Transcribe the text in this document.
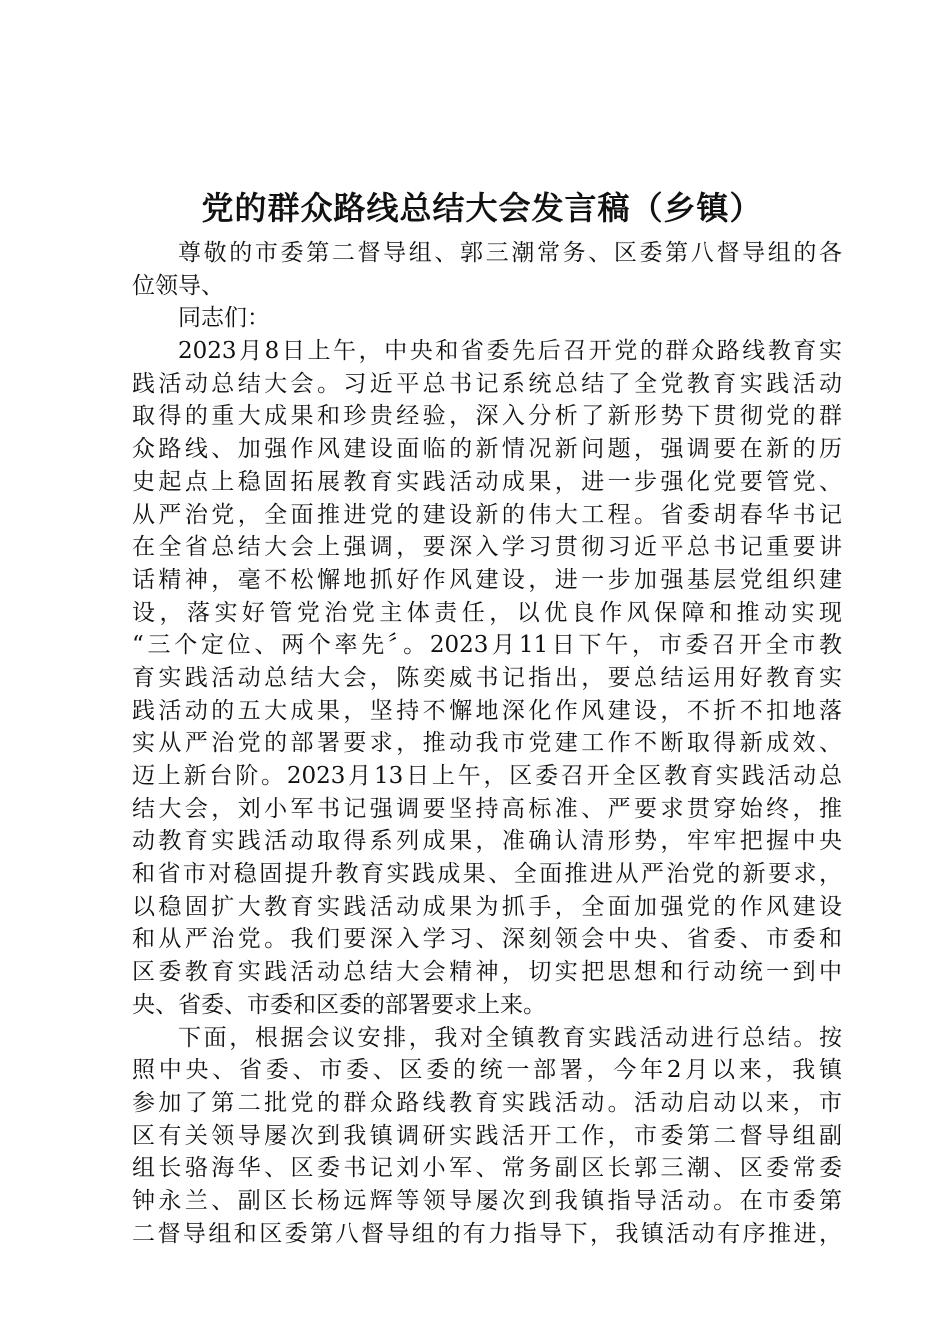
党的群众路线总结大会发言稿（乡镇）
尊敬的市委第二督导组、郭三潮常务、区委第八督导组的各
位领导、
同志们：
2023月8日上午，中央和省委先后召开党的群众路线教育实
践活动总结大会。习近平总书记系统总结了全党教育实践活动
取得的重大成果和珍贵经验，深入分析了新形势下贯彻党的群
众路线、加强作风建设面临的新情况新问题，强调要在新的历
史起点上稳固拓展教育实践活动成果，进一步强化党要管党、
从严治党，全面推进党的建设新的伟大工程。省委胡春华书记
在全省总结大会上强调，要深入学习贯彻习近平总书记重要讲
话精神，毫不松懈地抓好作风建设，进一步加强基层党组织建
设，落实好管党治党主体责任，以优良作风保障和推动实现
“三个定位、两个率先〞。2023月11日下午，市委召开全市教
育实践活动总结大会，陈奕威书记指出，要总结运用好教育实
践活动的五大成果，坚持不懈地深化作风建设，不折不扣地落
实从严治党的部署要求，推动我市党建工作不断取得新成效、
迈上新台阶。2023月13日上午，区委召开全区教育实践活动总
结大会，刘小军书记强调要坚持高标准、严要求贯穿始终，推
动教育实践活动取得系列成果，准确认清形势，牢牢把握中央
和省市对稳固提升教育实践成果、全面推进从严治党的新要求，
以稳固扩大教育实践活动成果为抓手，全面加强党的作风建设
和从严治党。我们要深入学习、深刻领会中央、省委、市委和
区委教育实践活动总结大会精神，切实把思想和行动统一到中
央、省委、市委和区委的部署要求上来。
下面，根据会议安排，我对全镇教育实践活动进行总结。按
照中央、省委、市委、区委的统一部署，今年2月以来，我镇
参加了第二批党的群众路线教育实践活动。活动启动以来，市
区有关领导屡次到我镇调研实践活开工作，市委第二督导组副
组长骆海华、区委书记刘小军、常务副区长郭三潮、区委常委
钟永兰、副区长杨远辉等领导屡次到我镇指导活动。在市委第
二督导组和区委第八督导组的有力指导下，我镇活动有序推进，
